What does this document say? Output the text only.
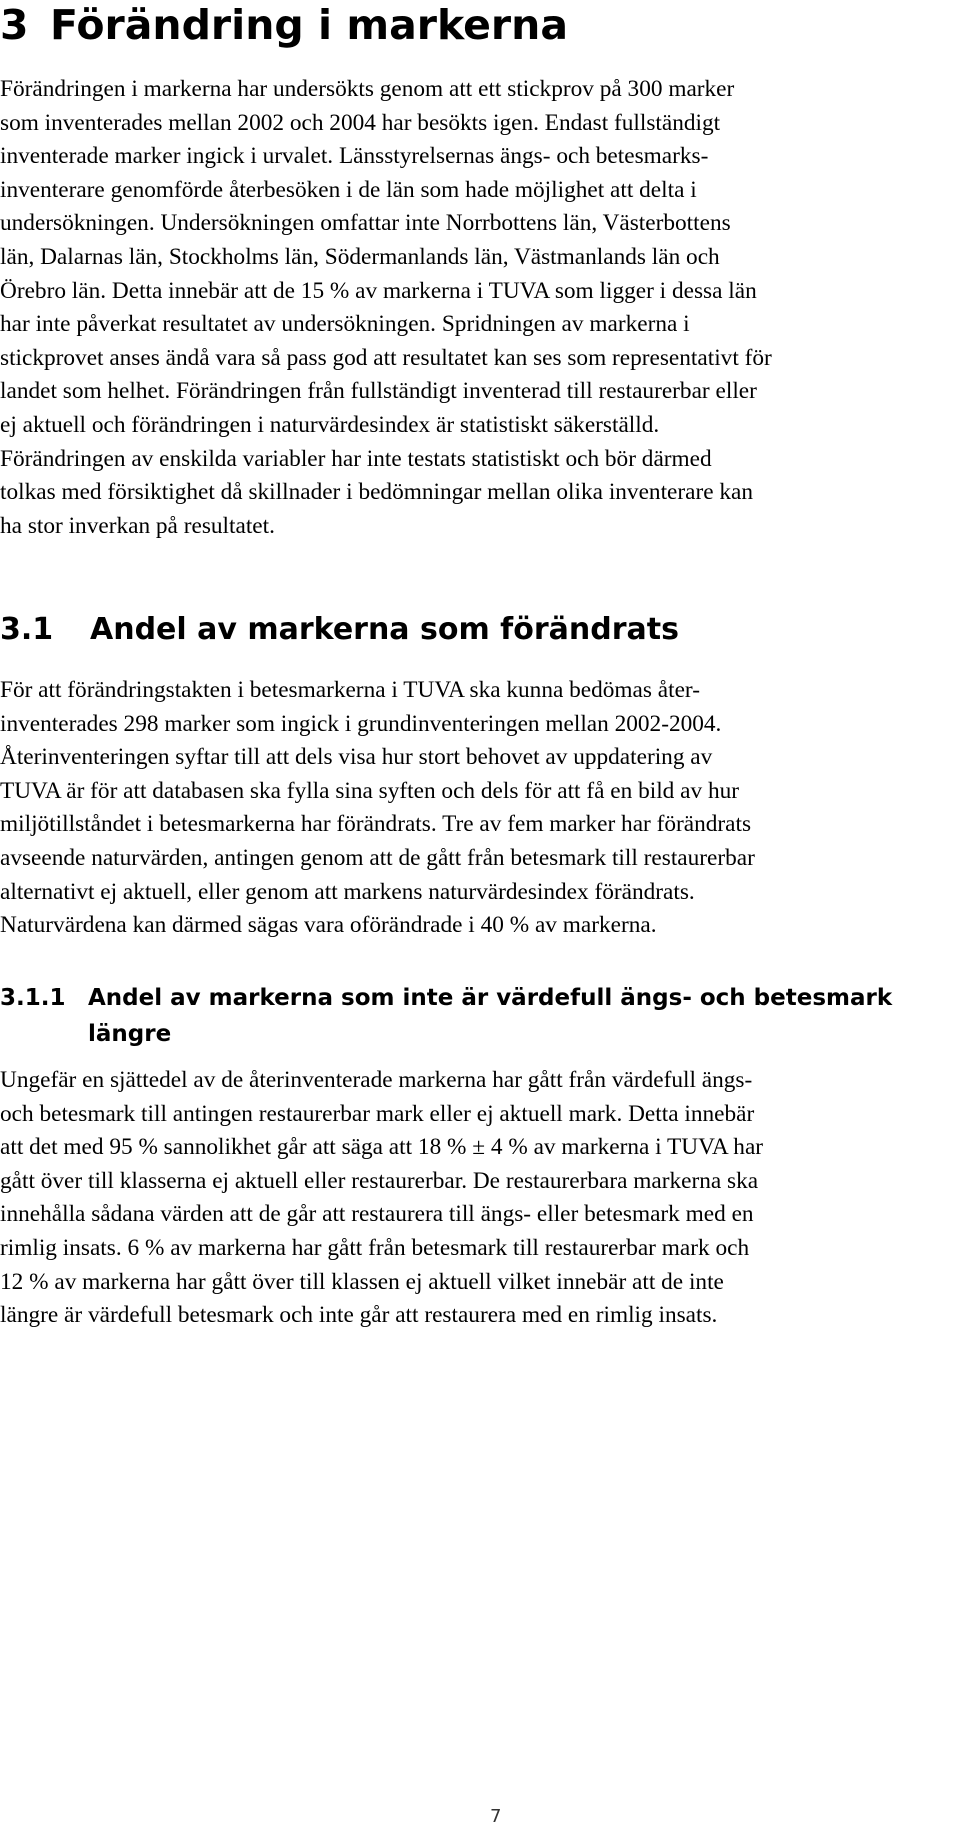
3 Förändring i markerna

Förändringen i markerna har undersökts genom att ett stickprov på 300 marker
som inventerades mellan 2002 och 2004 har besökts igen. Endast fullständigt
inventerade marker ingick i urvalet. Länsstyrelsernas ängs- och betesmarks-
inventerare genomförde återbesöken i de län som hade möjlighet att delta i
undersökningen. Undersökningen omfattar inte Norrbottens län, Västerbottens
län, Dalarnas län, Stockholms län, Södermanlands län, Västmanlands län och
Örebro län. Detta innebär att de 15 % av markerna i TUVA som ligger i dessa län
har inte påverkat resultatet av undersökningen. Spridningen av markerna i
stickprovet anses ändå vara så pass god att resultatet kan ses som representativt för
landet som helhet. Förändringen från fullständigt inventerad till restaurerbar eller
ej aktuell och förändringen i naturvärdesindex är statistiskt säkerställd.
Förändringen av enskilda variabler har inte testats statistiskt och bör därmed
tolkas med försiktighet då skillnader i bedömningar mellan olika inventerare kan
ha stor inverkan på resultatet.

3.1 Andel av markerna som förändrats

För att förändringstakten i betesmarkerna i TUVA ska kunna bedömas åter-
inventerades 298 marker som ingick i grundinventeringen mellan 2002-2004.
Återinventeringen syftar till att dels visa hur stort behovet av uppdatering av
TUVA är för att databasen ska fylla sina syften och dels för att få en bild av hur
miljötillståndet i betesmarkerna har förändrats. Tre av fem marker har förändrats
avseende naturvärden, antingen genom att de gått från betesmark till restaurerbar
alternativt ej aktuell, eller genom att markens naturvärdesindex förändrats.
Naturvärdena kan därmed sägas vara oförändrade i 40 % av markerna.

3.1.1 Andel av markerna som inte är värdefull ängs- och betesmark längre

Ungefär en sjättedel av de återinventerade markerna har gått från värdefull ängs-
och betesmark till antingen restaurerbar mark eller ej aktuell mark. Detta innebär
att det med 95 % sannolikhet går att säga att 18 % ± 4 % av markerna i TUVA har
gått över till klasserna ej aktuell eller restaurerbar. De restaurerbara markerna ska
innehålla sådana värden att de går att restaurera till ängs- eller betesmark med en
rimlig insats. 6 % av markerna har gått från betesmark till restaurerbar mark och
12 % av markerna har gått över till klassen ej aktuell vilket innebär att de inte
längre är värdefull betesmark och inte går att restaurera med en rimlig insats.

7
